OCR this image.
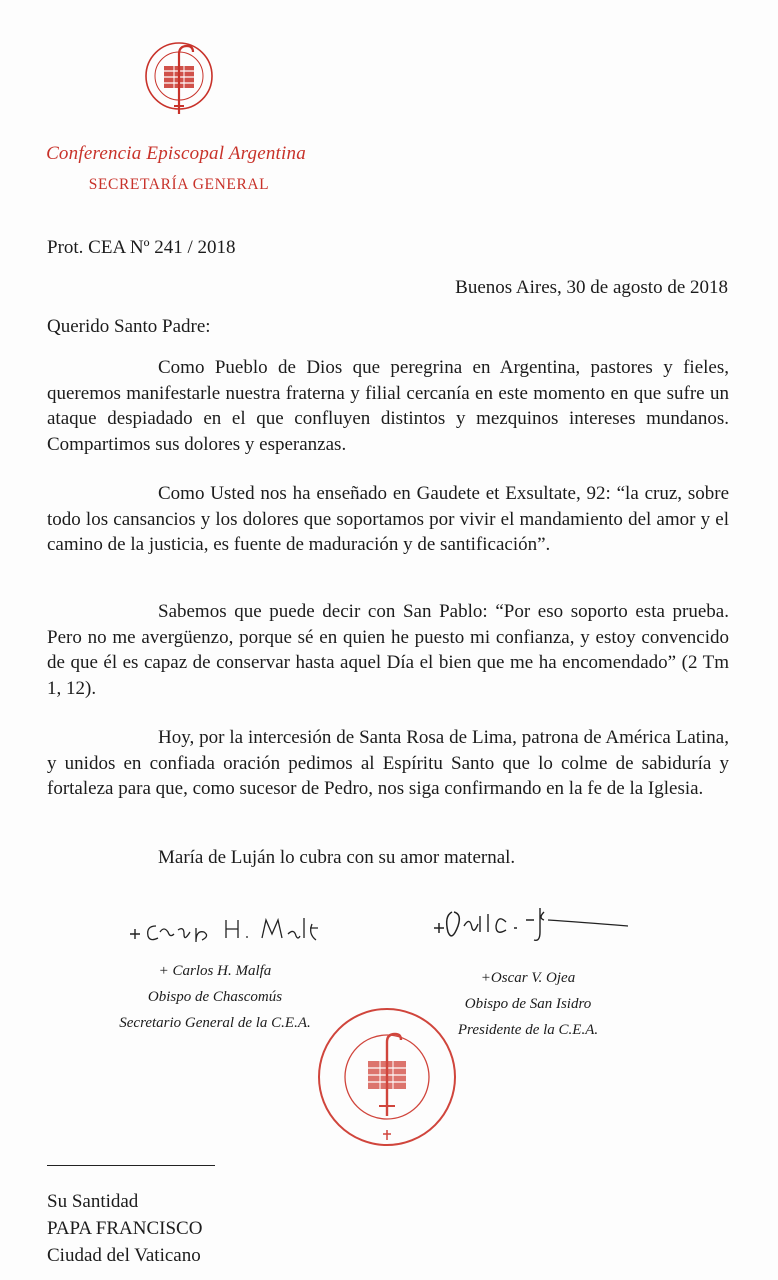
Conferencia Episcopal Argentina
SECRETARÍA GENERAL
Prot. CEA Nº 241 / 2018
Buenos Aires, 30 de agosto de 2018
Querido Santo Padre:

Como Pueblo de Dios que peregrina en Argentina, pastores y fieles, queremos manifestarle nuestra fraterna y filial cercanía en este momento en que sufre un ataque despiadado en el que confluyen distintos y mezquinos intereses mundanos. Compartimos sus dolores y esperanzas.

Como Usted nos ha enseñado en Gaudete et Exsultate, 92: “la cruz, sobre todo los cansancios y los dolores que soportamos por vivir el mandamiento del amor y el camino de la justicia, es fuente de maduración y de santificación”.

Sabemos que puede decir con San Pablo: “Por eso soporto esta prueba. Pero no me avergüenzo, porque sé en quien he puesto mi confianza, y estoy convencido de que él es capaz de conservar hasta aquel Día el bien que me ha encomendado” (2 Tm 1, 12).

Hoy, por la intercesión de Santa Rosa de Lima, patrona de América Latina, y unidos en confiada oración pedimos al Espíritu Santo que lo colme de sabiduría y fortaleza para que, como sucesor de Pedro, nos siga confirmando en la fe de la Iglesia.

María de Luján lo cubra con su amor maternal.

+ Carlos H. Malfa
Obispo de Chascomús
Secretario General de la C.E.A.
+Oscar V. Ojea
Obispo de San Isidro
Presidente de la C.E.A.
Su Santidad
PAPA FRANCISCO
Ciudad del Vaticano
